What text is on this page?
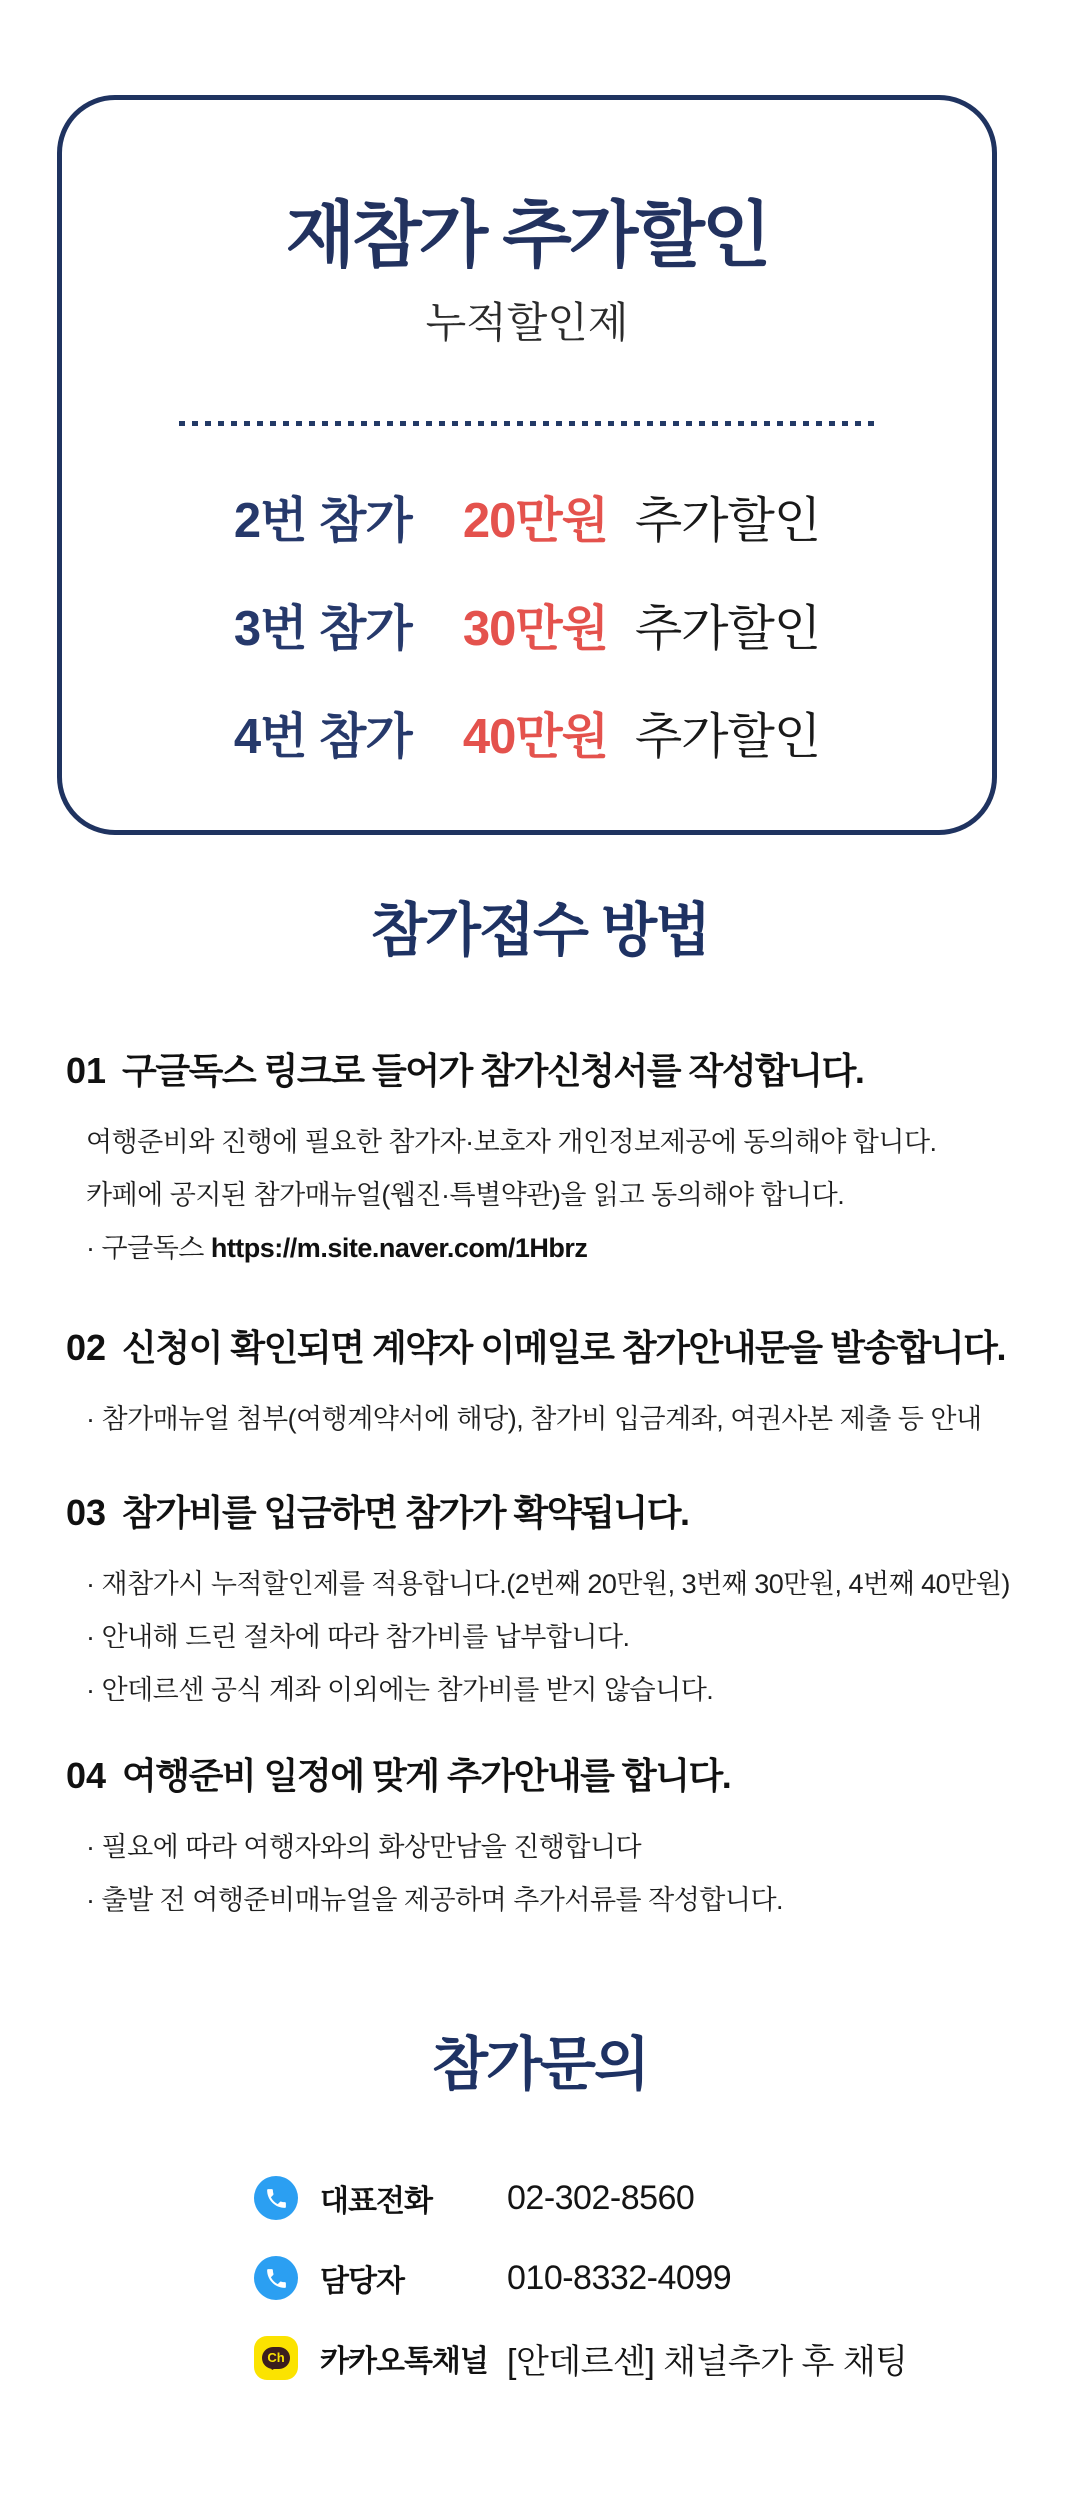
재참가 추가할인
누적할인제
2번 참가 20만원 추가할인
3번 참가 30만원 추가할인
4번 참가 40만원 추가할인
참가접수 방법
01 구글독스 링크로 들어가 참가신청서를 작성합니다.

여행준비와 진행에 필요한 참가자·보호자 개인정보제공에 동의해야 합니다.

카페에 공지된 참가매뉴얼(웹진·특별약관)을 읽고 동의해야 합니다.

· 구글독스 https://m.site.naver.com/1Hbrz

02 신청이 확인되면 계약자 이메일로 참가안내문을 발송합니다.

· 참가매뉴얼 첨부(여행계약서에 해당), 참가비 입금계좌, 여권사본 제출 등 안내

03 참가비를 입금하면 참가가 확약됩니다.

· 재참가시 누적할인제를 적용합니다.(2번째 20만원, 3번째 30만원, 4번째 40만원)

· 안내해 드린 절차에 따라 참가비를 납부합니다.

· 안데르센 공식 계좌 이외에는 참가비를 받지 않습니다.

04 여행준비 일정에 맞게 추가안내를 합니다.

· 필요에 따라 여행자와의 화상만남을 진행합니다

· 출발 전 여행준비매뉴얼을 제공하며 추가서류를 작성합니다.

참가문의
대표전화	02-302-8560
담당자	010-8332-4099
Ch 카카오톡채널 [안데르센] 채널추가 후 채팅
